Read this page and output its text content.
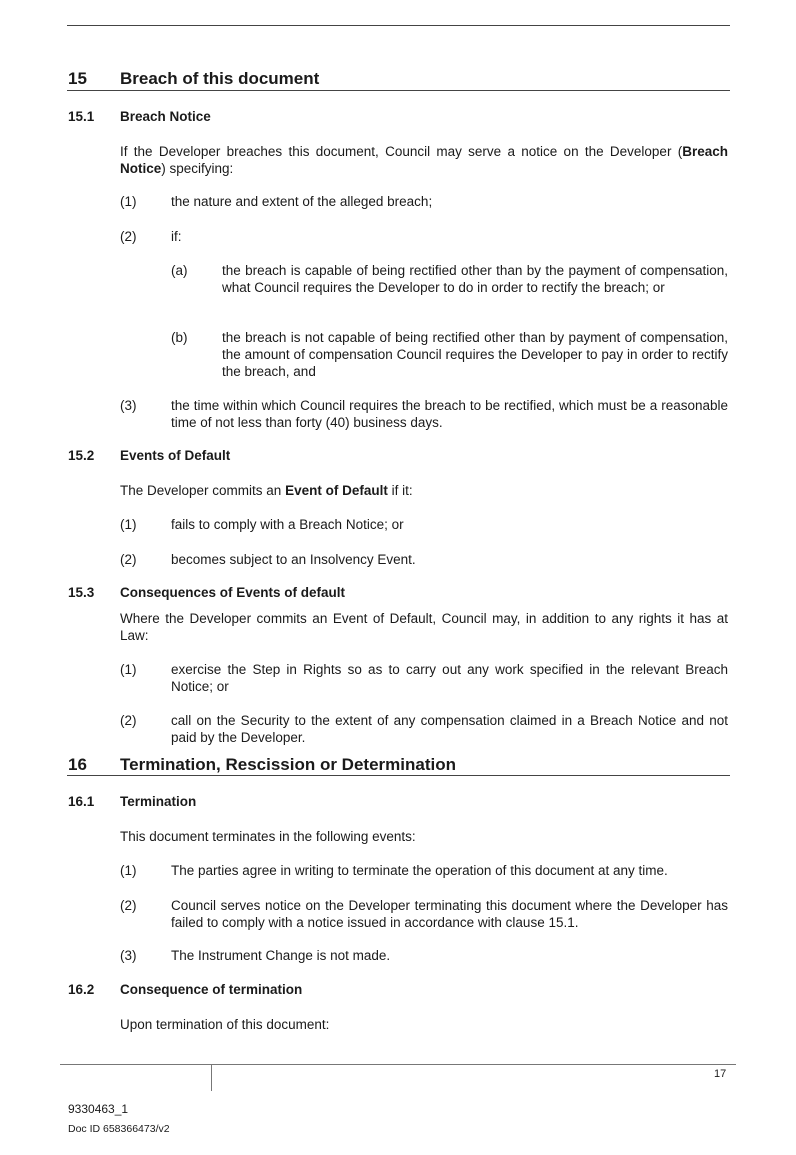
15 Breach of this document
15.1 Breach Notice
If the Developer breaches this document, Council may serve a notice on the Developer (Breach Notice) specifying:
(1)	the nature and extent of the alleged breach;
(2)	if:
(a)	the breach is capable of being rectified other than by the payment of compensation, what Council requires the Developer to do in order to rectify the breach; or
(b)	the breach is not capable of being rectified other than by payment of compensation, the amount of compensation Council requires the Developer to pay in order to rectify the breach, and
(3)	the time within which Council requires the breach to be rectified, which must be a reasonable time of not less than forty (40) business days.
15.2 Events of Default
The Developer commits an Event of Default if it:
(1)	fails to comply with a Breach Notice; or
(2)	becomes subject to an Insolvency Event.
15.3 Consequences of Events of default
Where the Developer commits an Event of Default, Council may, in addition to any rights it has at Law:
(1)	exercise the Step in Rights so as to carry out any work specified in the relevant Breach Notice; or
(2)	call on the Security to the extent of any compensation claimed in a Breach Notice and not paid by the Developer.
16 Termination, Rescission or Determination
16.1 Termination
This document terminates in the following events:
(1)	The parties agree in writing to terminate the operation of this document at any time.
(2)	Council serves notice on the Developer terminating this document where the Developer has failed to comply with a notice issued in accordance with clause 15.1.
(3)	The Instrument Change is not made.
16.2 Consequence of termination
Upon termination of this document:
17
9330463_1
Doc ID 658366473/v2
